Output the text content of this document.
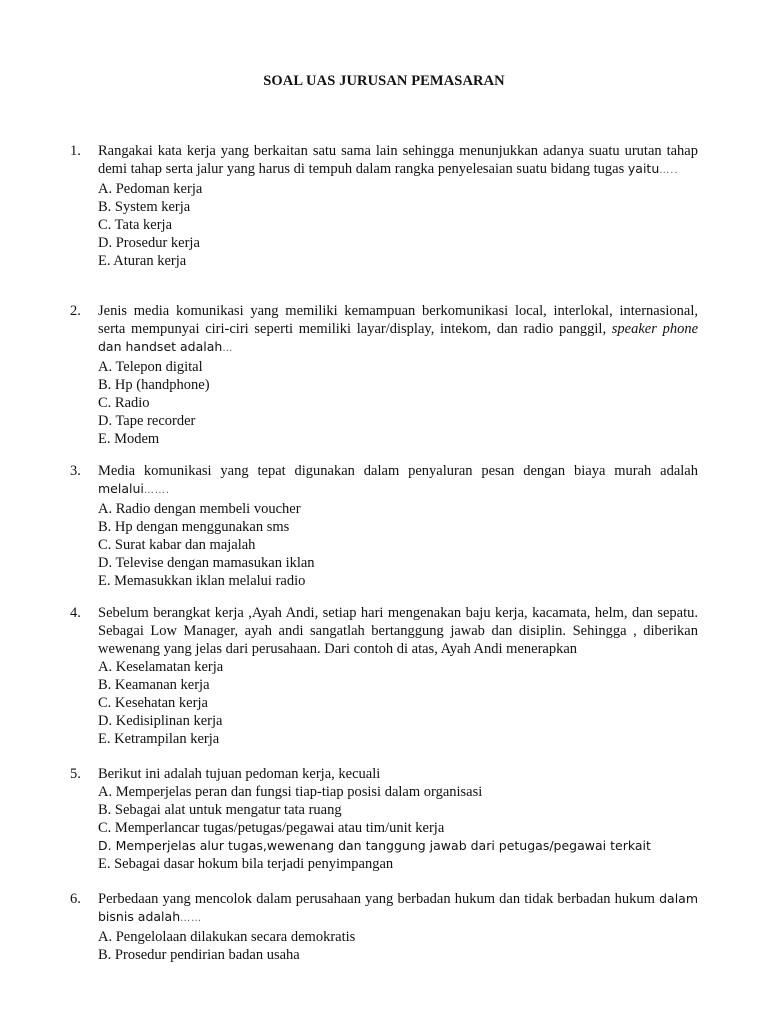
SOAL UAS JURUSAN PEMASARAN
1.	Rangakai kata kerja yang berkaitan satu sama lain sehingga menunjukkan adanya suatu urutan tahap demi tahap serta jalur yang harus di tempuh dalam rangka penyelesaian suatu bidang tugas yaitu…..
A. Pedoman kerja
B. System kerja
C. Tata kerja
D. Prosedur kerja
E. Aturan kerja
2.	Jenis media komunikasi yang memiliki kemampuan berkomunikasi local, interlokal, internasional, serta mempunyai ciri-ciri seperti memiliki layar/display, intekom, dan radio panggil, speaker phone dan handset adalah…
A. Telepon digital
B. Hp (handphone)
C. Radio
D. Tape recorder
E. Modem
3.	Media komunikasi yang tepat digunakan dalam penyaluran pesan dengan biaya murah adalah melalui…….
A. Radio dengan membeli voucher
B. Hp dengan menggunakan sms
C. Surat kabar dan majalah
D. Televise dengan mamasukan iklan
E. Memasukkan iklan melalui radio
4.	Sebelum berangkat kerja ,Ayah Andi, setiap hari mengenakan baju kerja, kacamata, helm, dan sepatu. Sebagai Low Manager, ayah andi sangatlah bertanggung jawab dan disiplin. Sehingga , diberikan wewenang yang jelas dari perusahaan. Dari contoh di atas, Ayah Andi menerapkan
A. Keselamatan kerja
B. Keamanan kerja
C. Kesehatan kerja
D. Kedisiplinan kerja
E. Ketrampilan kerja
5.	Berikut ini adalah tujuan pedoman kerja, kecuali
A. Memperjelas peran dan fungsi tiap-tiap posisi dalam organisasi
B. Sebagai alat untuk mengatur tata ruang
C. Memperlancar tugas/petugas/pegawai atau tim/unit kerja
D. Memperjelas alur tugas,wewenang dan tanggung jawab dari petugas/pegawai terkait
E. Sebagai dasar hokum bila terjadi penyimpangan
6.	Perbedaan yang mencolok dalam perusahaan yang berbadan hukum dan tidak berbadan hukum dalam bisnis adalah……
A. Pengelolaan dilakukan secara demokratis
B. Prosedur pendirian badan usaha
